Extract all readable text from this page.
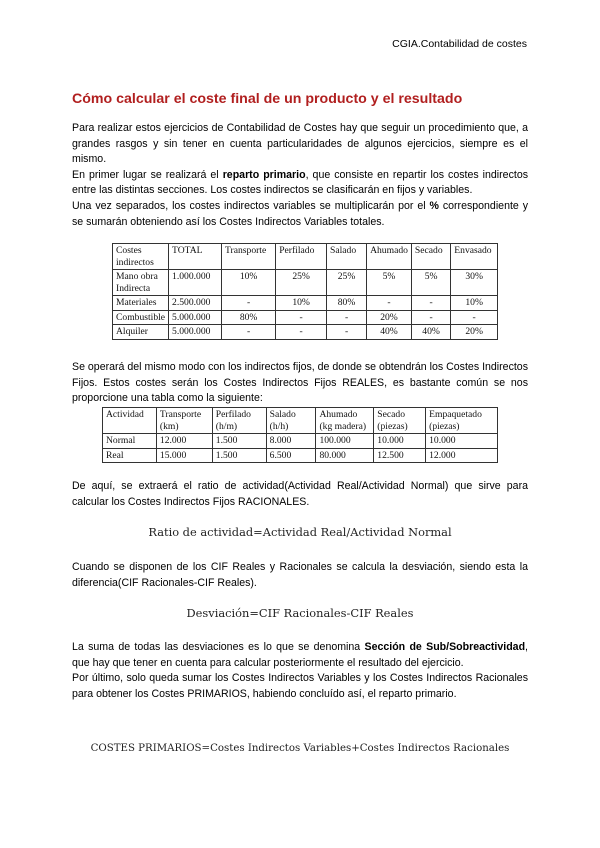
CGIA.Contabilidad de costes
Cómo calcular el coste final de un producto y el resultado
Para realizar estos ejercicios de Contabilidad de Costes hay que seguir un procedimiento que, a grandes rasgos y sin tener en cuenta particularidades de algunos ejercicios, siempre es el mismo.
En primer lugar se realizará el reparto primario, que consiste en repartir los costes indirectos entre las distintas secciones. Los costes indirectos se clasificarán en fijos y variables.
Una vez separados, los costes indirectos variables se multiplicarán por el % correspondiente y se sumarán obteniendo así los Costes Indirectos Variables totales.
Costes indirectos	TOTAL	Transporte	Perfilado	Salado	Ahumado	Secado	Envasado
Mano obra Indirecta	1.000.000	10%	25%	25%	5%	5%	30%
Materiales	2.500.000	-	10%	80%	-	-	10%
Combustible	5.000.000	80%	-	-	20%	-	-
Alquiler	5.000.000	-	-	-	40%	40%	20%
Se operará del mismo modo con los indirectos fijos, de donde se obtendrán los Costes Indirectos Fijos. Estos costes serán los Costes Indirectos Fijos REALES, es bastante común se nos proporcione una tabla como la siguiente:
Actividad	Transporte (km)	Perfilado (h/m)	Salado (h/h)	Ahumado (kg madera)	Secado (piezas)	Empaquetado (piezas)
Normal	12.000	1.500	8.000	100.000	10.000	10.000
Real	15.000	1.500	6.500	80.000	12.500	12.000
De aquí, se extraerá el ratio de actividad(Actividad Real/Actividad Normal) que sirve para calcular los Costes Indirectos Fijos RACIONALES.
Ratio de actividad=Actividad Real/Actividad Normal
Cuando se disponen de los CIF Reales y Racionales se calcula la desviación, siendo esta la diferencia(CIF Racionales-CIF Reales).
Desviación=CIF Racionales-CIF Reales
La suma de todas las desviaciones es lo que se denomina Sección de Sub/Sobreactividad, que hay que tener en cuenta para calcular posteriormente el resultado del ejercicio.
Por último, solo queda sumar los Costes Indirectos Variables y los Costes Indirectos Racionales para obtener los Costes PRIMARIOS, habiendo concluído así, el reparto primario.
COSTES PRIMARIOS=Costes Indirectos Variables+Costes Indirectos Racionales
